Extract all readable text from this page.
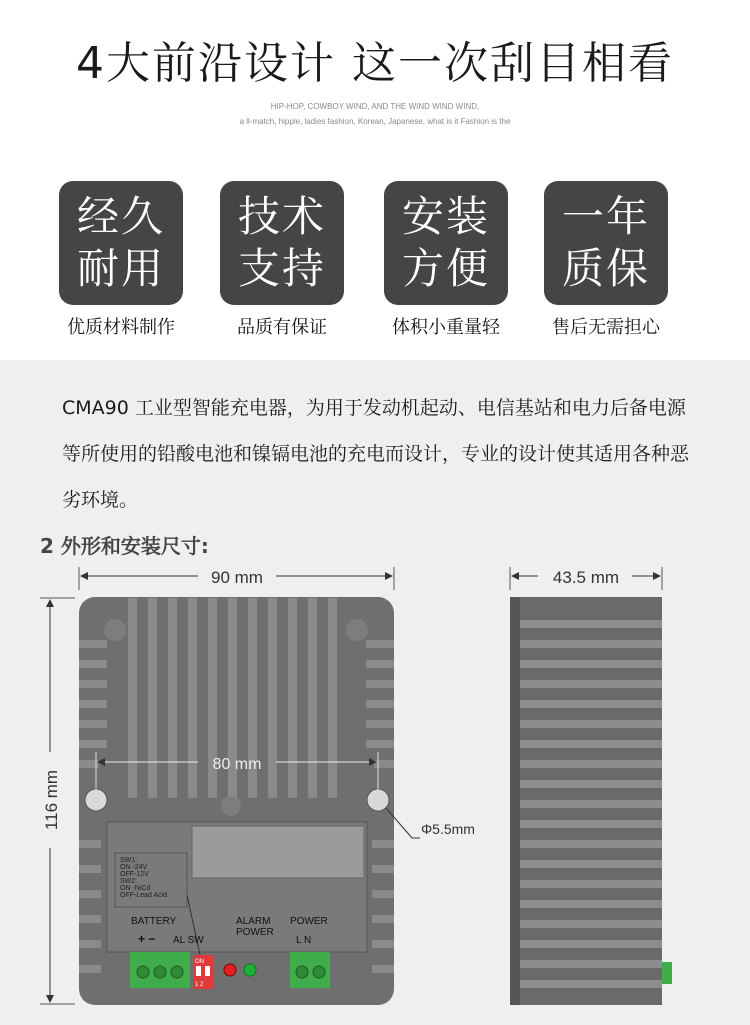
4大前沿设计 这一次刮目相看
HIP-HOP, COWBOY WIND, AND THE WIND WIND WIND,
a ll-match, hipple, ladies fashion, Korean, Japanese, what is it Fashion is the
经久
耐用
技术
支持
安装
方便
一年
质保
优质材料制作	品质有保证	体积小重量轻	售后无需担心
CMA90 工业型智能充电器，为用于发动机起动、电信基站和电力后备电源等所使用的铅酸电池和镍镉电池的充电而设计，专业的设计使其适用各种恶劣环境。
2 外形和安装尺寸:
90 mm
116 mm
80 mm
Φ5.5mm
SW1:
ON -24V
OFF-12V
SW2:
ON -NiCd
OFF-Lead Acid
BATTERY
+ − AL SW
ALARM
POWER
POWER
L N
ON
1 2
43.5 mm
